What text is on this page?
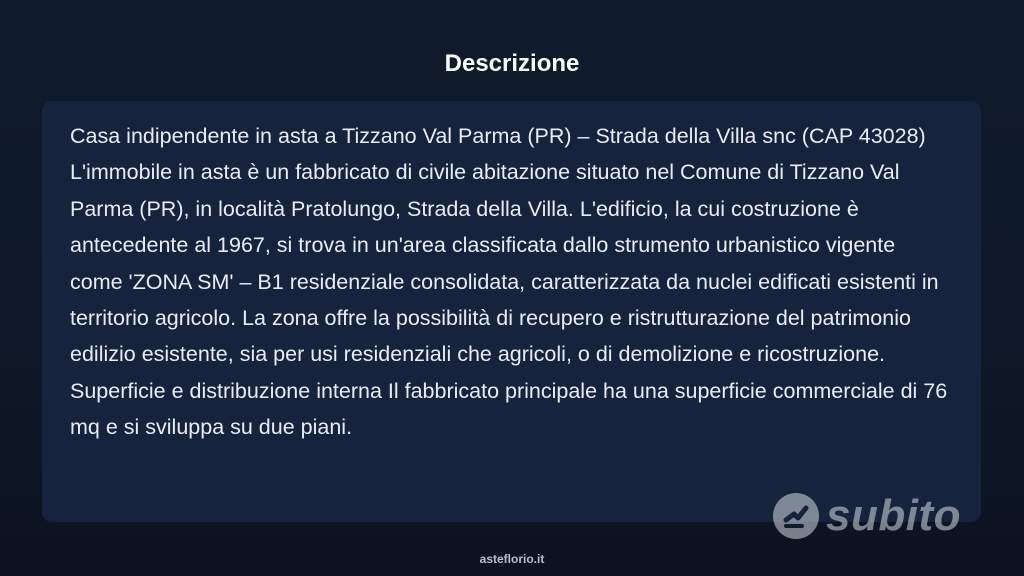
Descrizione

Casa indipendente in asta a Tizzano Val Parma (PR) – Strada della Villa snc (CAP 43028) L'immobile in asta è un fabbricato di civile abitazione situato nel Comune di Tizzano Val Parma (PR), in località Pratolungo, Strada della Villa. L'edificio, la cui costruzione è antecedente al 1967, si trova in un'area classificata dallo strumento urbanistico vigente come 'ZONA SM' – B1 residenziale consolidata, caratterizzata da nuclei edificati esistenti in territorio agricolo. La zona offre la possibilità di recupero e ristrutturazione del patrimonio edilizio esistente, sia per usi residenziali che agricoli, o di demolizione e ricostruzione. Superficie e distribuzione interna Il fabbricato principale ha una superficie commerciale di 76 mq e si sviluppa su due piani.

subito
asteflorio.it
